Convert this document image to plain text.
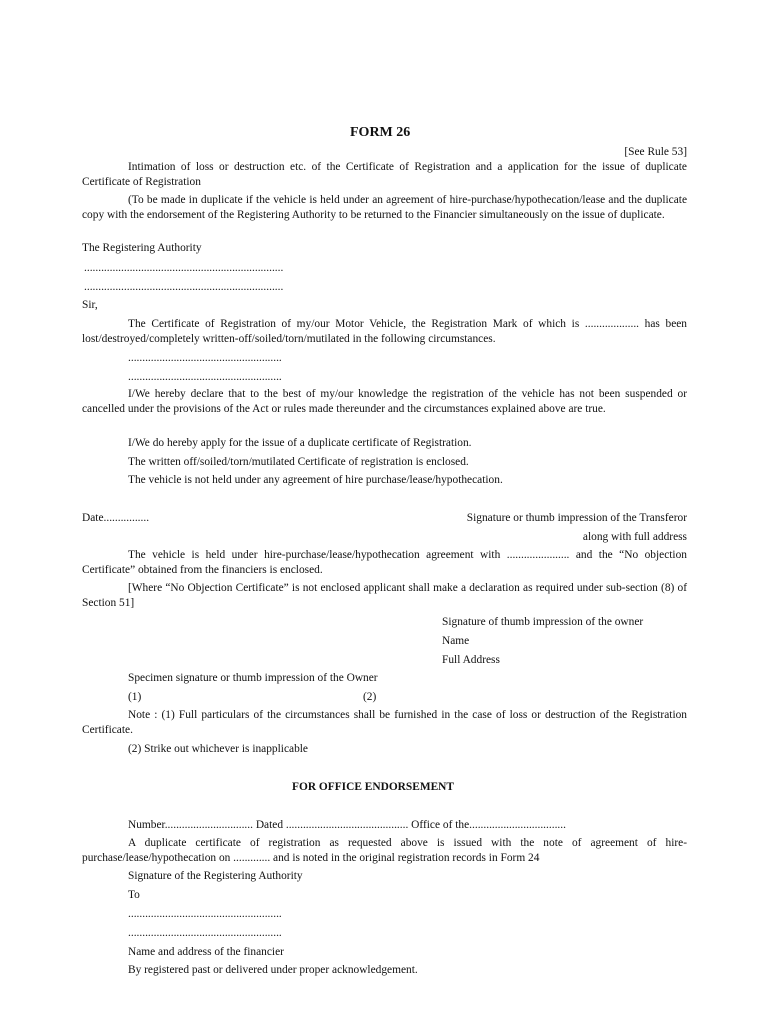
FORM 26
[See Rule 53]
Intimation of loss or destruction etc. of the Certificate of Registration and a application for the issue of duplicate Certificate of Registration
(To be made in duplicate if the vehicle is held under an agreement of hire-purchase/hypothecation/lease and the duplicate copy with the endorsement of the Registering Authority to be returned to the Financier simultaneously on the issue of duplicate.
The Registering Authority
......................................................................
......................................................................
Sir,
The Certificate of Registration of my/our Motor Vehicle, the Registration Mark of which is ................... has been lost/destroyed/completely written-off/soiled/torn/mutilated in the following circumstances.
......................................................
......................................................
I/We hereby declare that to the best of my/our knowledge the registration of the vehicle has not been suspended or cancelled under the provisions of the Act or rules made thereunder and the circumstances explained above are true.
I/We do hereby apply for the issue of a duplicate certificate of Registration.
The written off/soiled/torn/mutilated Certificate of registration is enclosed.
The vehicle is not held under any agreement of hire purchase/lease/hypothecation.
Date................	Signature or thumb impression of the Transferor
along with full address
The vehicle is held under hire-purchase/lease/hypothecation agreement with ...................... and the “No objection Certificate” obtained from the financiers is enclosed.
[Where “No Objection Certificate” is not enclosed applicant shall make a declaration as required under sub-section (8) of Section 51]
Signature of thumb impression of the owner
Name
Full Address
Specimen signature or thumb impression of the Owner
(1)	(2)
Note : (1) Full particulars of the circumstances shall be furnished in the case of loss or destruction of the Registration Certificate.
(2) Strike out whichever is inapplicable
FOR OFFICE ENDORSEMENT
Number............................... Dated ........................................... Office of the..................................
A duplicate certificate of registration as requested above is issued with the note of agreement of hire-purchase/lease/hypothecation on ............. and is noted in the original registration records in Form 24
Signature of the Registering Authority
To
......................................................
......................................................
Name and address of the financier
By registered past or delivered under proper acknowledgement.
